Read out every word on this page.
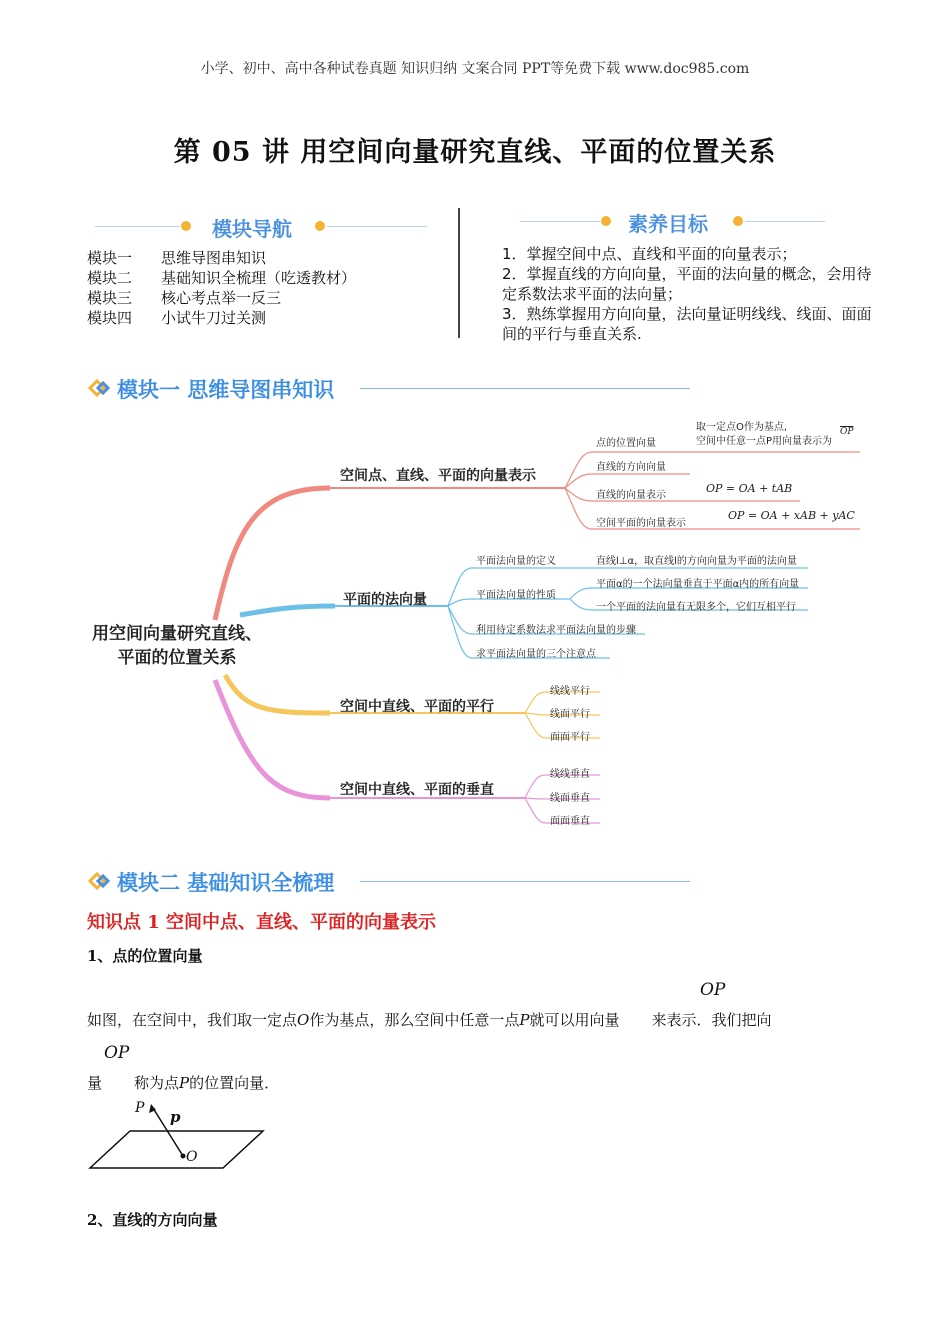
小学、初中、高中各种试卷真题 知识归纳 文案合同 PPT等免费下载 www.doc985.com
第 05 讲 用空间向量研究直线、平面的位置关系
模块导航
模块一 思维导图串知识
模块二 基础知识全梳理（吃透教材）
模块三 核心考点举一反三
模块四 小试牛刀过关测
素养目标
1．掌握空间中点、直线和平面的向量表示；
2．掌握直线的方向向量，平面的法向量的概念，会用待定系数法求平面的法向量；
3．熟练掌握用方向向量，法向量证明线线、线面、面面间的平行与垂直关系.
模块一 思维导图串知识
用空间向量研究直线、
平面的位置关系
空间点、直线、平面的向量表示
点的位置向量
直线的方向向量
直线的向量表示
空间平面的向量表示
取一定点O作为基点,
空间中任意一点P用向量表示为
$\overline{OP}$
OP = OA + tAB
OP = OA + xAB + yAC
平面的法向量
平面法向量的定义
平面法向量的性质
利用待定系数法求平面法向量的步骤
求平面法向量的三个注意点
直线l⊥α，取直线l的方向向量为平面的法向量
平面α的一个法向量垂直于平面α内的所有向量
一个平面的法向量有无限多个，它们互相平行
空间中直线、平面的平行
线线平行
线面平行
面面平行
空间中直线、平面的垂直
线线垂直
线面垂直
面面垂直
模块二 基础知识全梳理
知识点 1 空间中点、直线、平面的向量表示
1、点的位置向量
OP
如图，在空间中，我们取一定点O作为基点，那么空间中任意一点P就可以用向量 来表示．我们把向
OP
量 称为点P的位置向量．
P p
O
2、直线的方向向量
